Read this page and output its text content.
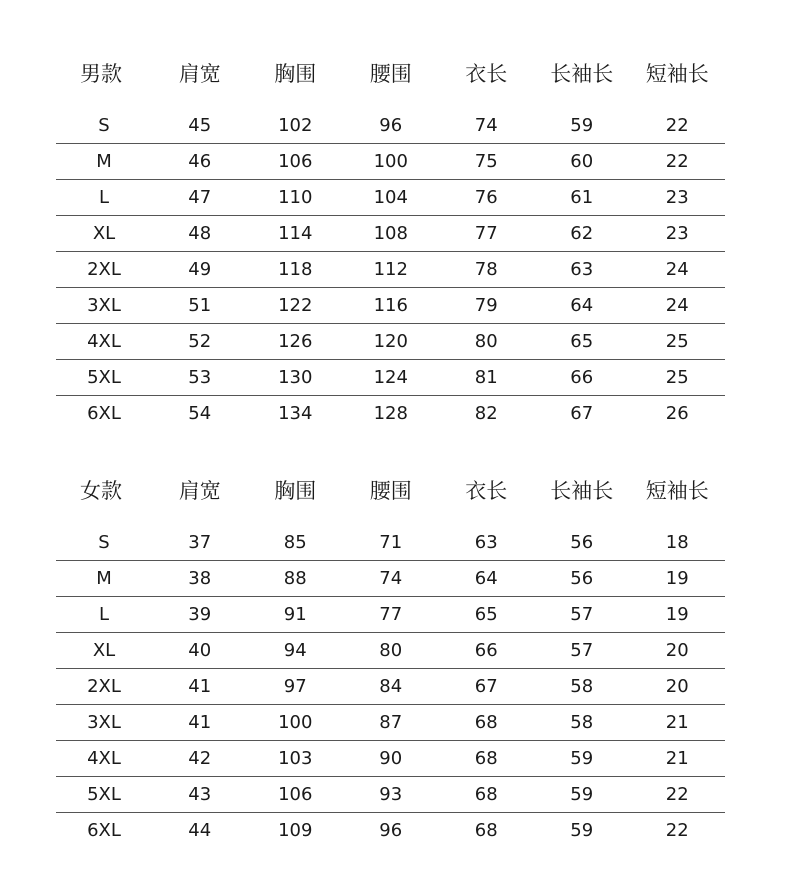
男款	肩宽	胸围	腰围	衣长	长袖长	短袖长

S	45	102	96	74	59	22
M	46	106	100	75	60	22
L	47	110	104	76	61	23
XL	48	114	108	77	62	23
2XL	49	118	112	78	63	24
3XL	51	122	116	79	64	24
4XL	52	126	120	80	65	25
5XL	53	130	124	81	66	25
6XL	54	134	128	82	67	26
女款	肩宽	胸围	腰围	衣长	长袖长	短袖长

S	37	85	71	63	56	18
M	38	88	74	64	56	19
L	39	91	77	65	57	19
XL	40	94	80	66	57	20
2XL	41	97	84	67	58	20
3XL	41	100	87	68	58	21
4XL	42	103	90	68	59	21
5XL	43	106	93	68	59	22
6XL	44	109	96	68	59	22
